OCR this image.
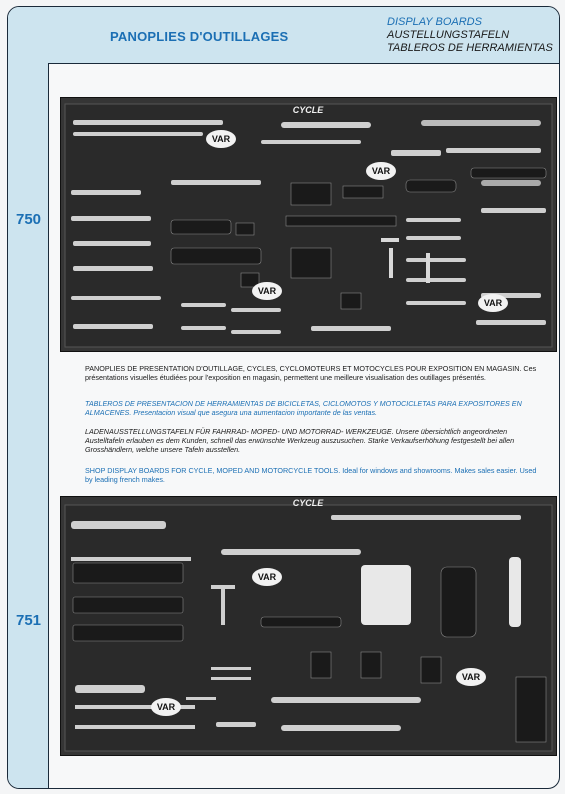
PANOPLIES D'OUTILLAGES
DISPLAY BOARDS
AUSTELLUNGSTAFELN
TABLEROS DE HERRAMIENTAS
750
751
CYCLE
VAR
VAR
VAR
VAR
PANOPLIES DE PRESENTATION D'OUTILLAGE, CYCLES, CYCLOMOTEURS ET MOTOCYCLES POUR EXPOSITION EN MAGASIN. Ces présentations visuelles étudiées pour l'exposition en magasin, permettent une meilleure visualisation des outillages présentés.
TABLEROS DE PRESENTACION DE HERRAMIENTAS DE BICICLETAS, CICLOMOTOS Y MOTOCICLETAS PARA EXPOSITORES EN ALMACENES. Presentacion visual que asegura una aumentacion importante de las ventas.
LADENAUSSTELLUNGSTAFELN FÜR FAHRRAD- MOPED- UND MOTORRAD- WERKZEUGE. Unsere übersichtlich angeordneten Austelltafeln erlauben es dem Kunden, schnell das erwünschte Werkzeug auszusuchen. Starke Verkaufserhöhung festgestellt bei allen Grosshändlern, welche unsere Tafeln ausstellen.
SHOP DISPLAY BOARDS FOR CYCLE, MOPED AND MOTORCYCLE TOOLS. Ideal for windows and showrooms. Makes sales easier. Used by leading french makes.
CYCLE
VAR
VAR
VAR
